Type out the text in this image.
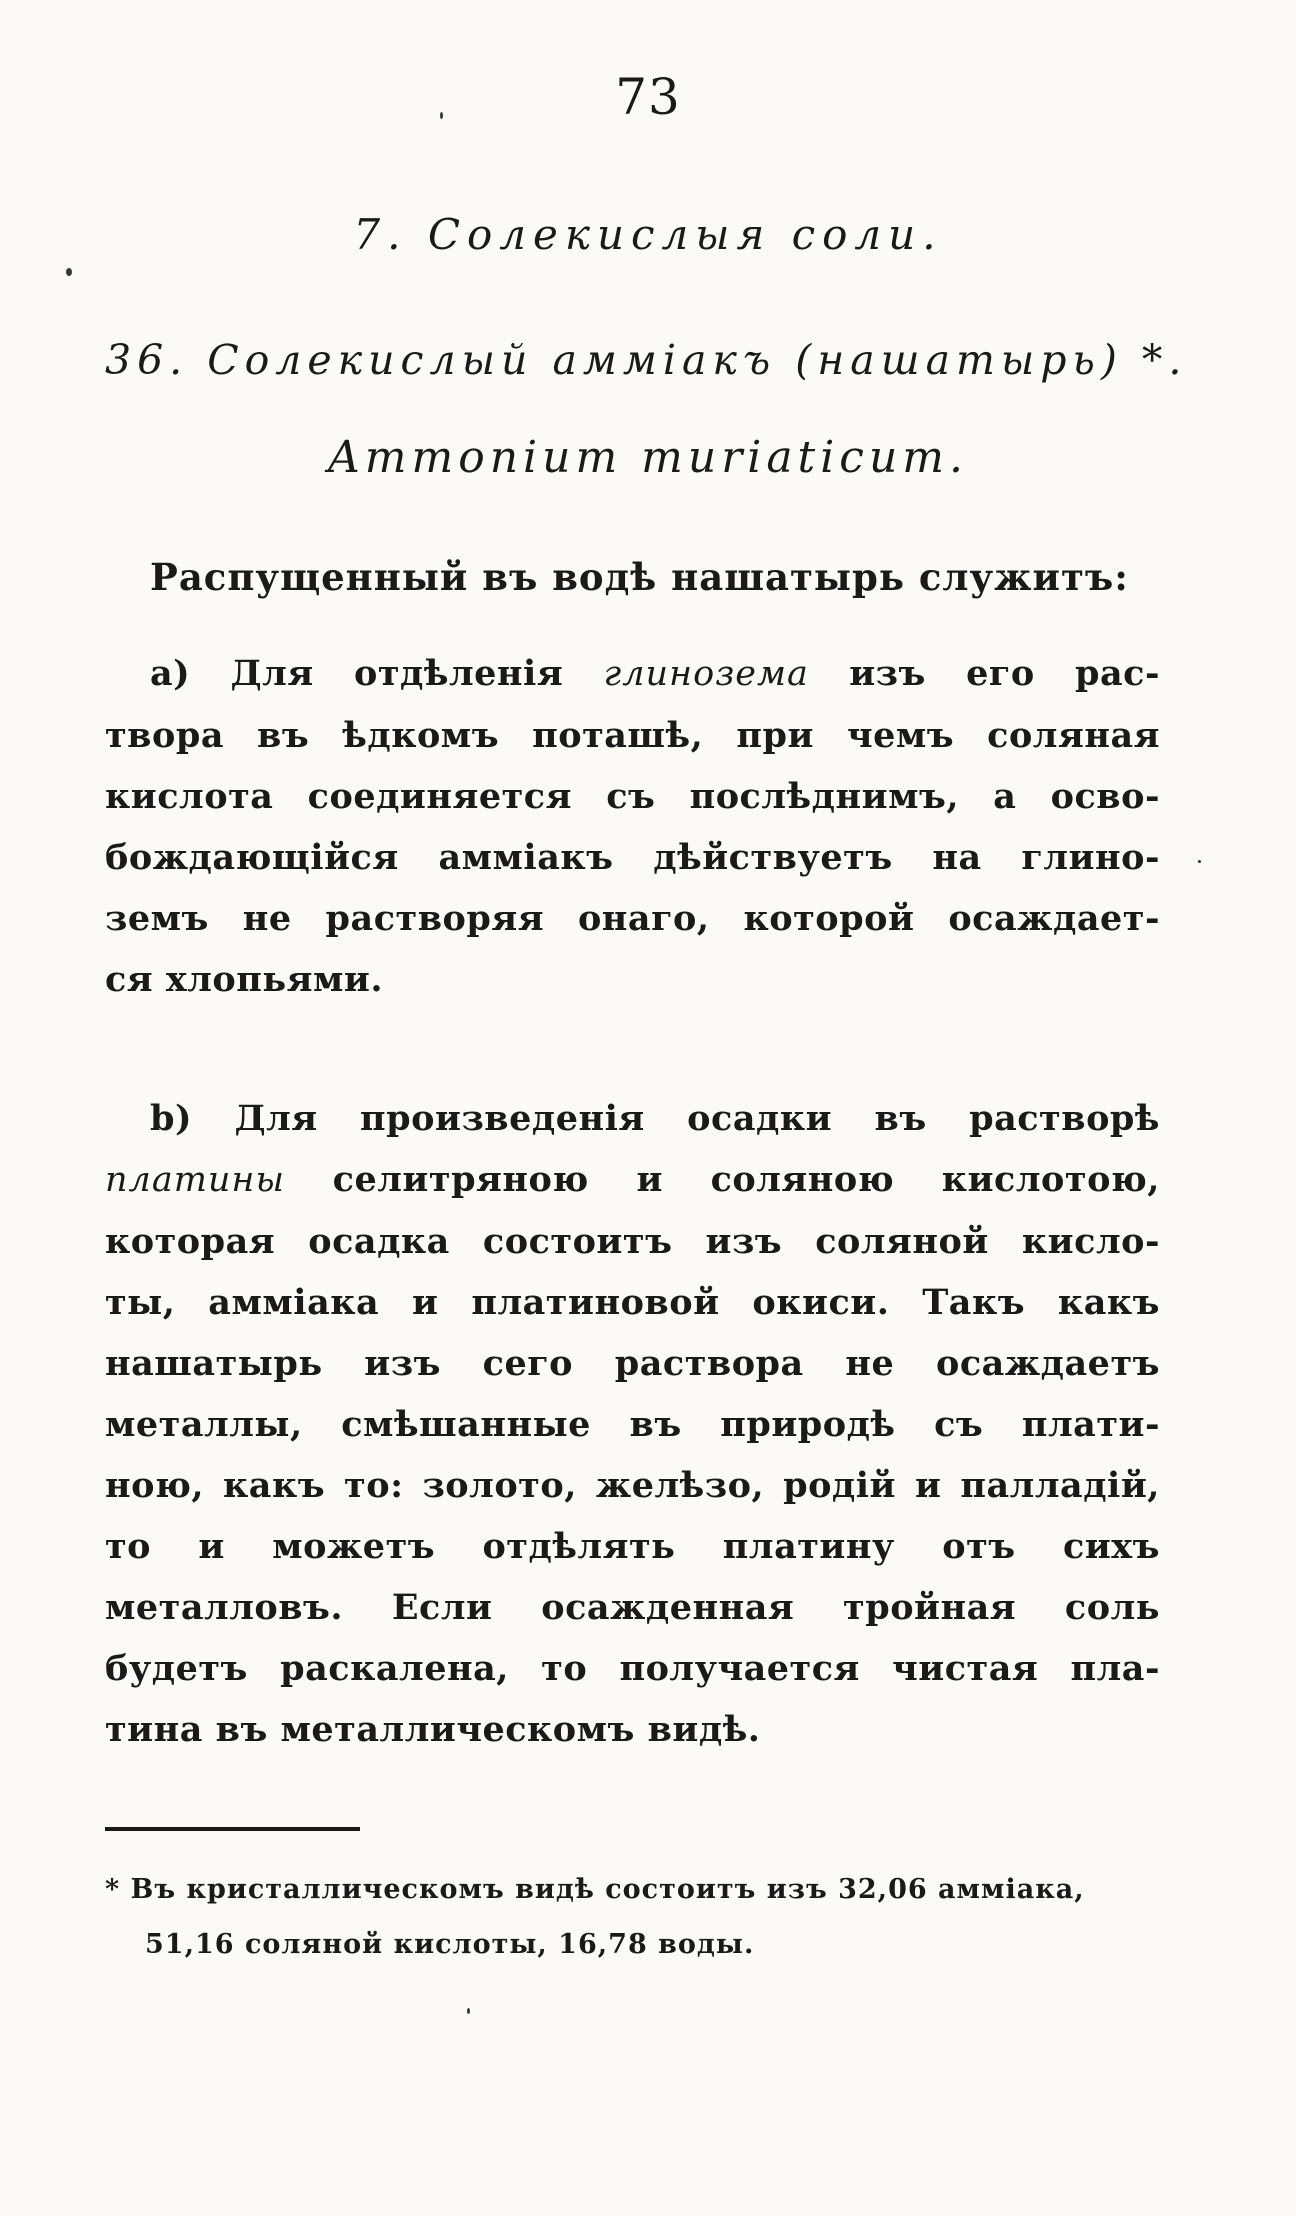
73
7. Солекислыя соли.
36. Солекислый аммiакъ (нашатырь) *.
Ammonium muriaticum.
Распущенный въ водѣ нашатырь служитъ:
a) Для отдѣленiя глинозема изъ его рас-
твора въ ѣдкомъ поташѣ, при чемъ соляная
кислота соединяется съ послѣднимъ, а осво-
бождающiйся аммiакъ дѣйствуетъ на глино-
земъ не растворяя онаго, которой осаждает-
ся хлопьями.
b) Для произведенiя осадки въ растворѣ
платины селитряною и соляною кислотою,
которая осадка состоитъ изъ соляной кисло-
ты, аммiака и платиновой окиси. Такъ какъ
нашатырь изъ сего раствора не осаждаетъ
металлы, смѣшанные въ природѣ съ плати-
ною, какъ то: золото, желѣзо, родiй и палладiй,
то и можетъ отдѣлять платину отъ сихъ
металловъ. Если осажденная тройная соль
будетъ раскалена, то получается чистая пла-
тина въ металлическомъ видѣ.
* Въ кристаллическомъ видѣ состоитъ изъ 32,06 аммiака,
51,16 соляной кислоты, 16,78 воды.
